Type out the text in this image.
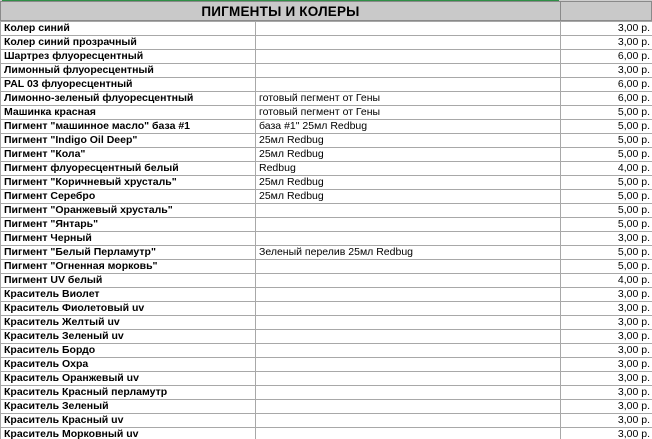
ПИГМЕНТЫ И КОЛЕРЫ
Колер синий		3,00 р.
Колер синий прозрачный		3,00 р.
Шартрез флуоресцентный		6,00 р.
Лимонный флуоресцентный		3,00 р.
PAL 03 флуоресцентный		6,00 р.
Лимонно-зеленый флуоресцентный	готовый пегмент от Гены	6,00 р.
Машинка красная	готовый пегмент от Гены	5,00 р.
Пигмент "машинное масло" база #1	база #1" 25мл Redbug	5,00 р.
Пигмент "Indigo Oil Deep"	25мл Redbug	5,00 р.
Пигмент "Кола"	25мл Redbug	5,00 р.
Пигмент флуоресцентный белый	Redbug	4,00 р.
Пигмент "Коричневый хрусталь"	25мл Redbug	5,00 р.
Пигмент Серебро	25мл Redbug	5,00 р.
Пигмент "Оранжевый хрусталь"		5,00 р.
Пигмент "Янтарь"		5,00 р.
Пигмент Черный		3,00 р.
Пигмент "Белый Перламутр"	Зеленый перелив 25мл Redbug	5,00 р.
Пигмент "Огненная морковь"		5,00 р.
Пигмент UV белый		4,00 р.
Краситель Виолет		3,00 р.
Краситель Фиолетовый uv		3,00 р.
Краситель Желтый uv		3,00 р.
Краситель Зеленый uv		3,00 р.
Краситель Бордо		3,00 р.
Краситель Охра		3,00 р.
Краситель Оранжевый uv		3,00 р.
Краситель Красный перламутр		3,00 р.
Краситель Зеленый		3,00 р.
Краситель Красный uv		3,00 р.
Краситель Морковный uv		3,00 р.
